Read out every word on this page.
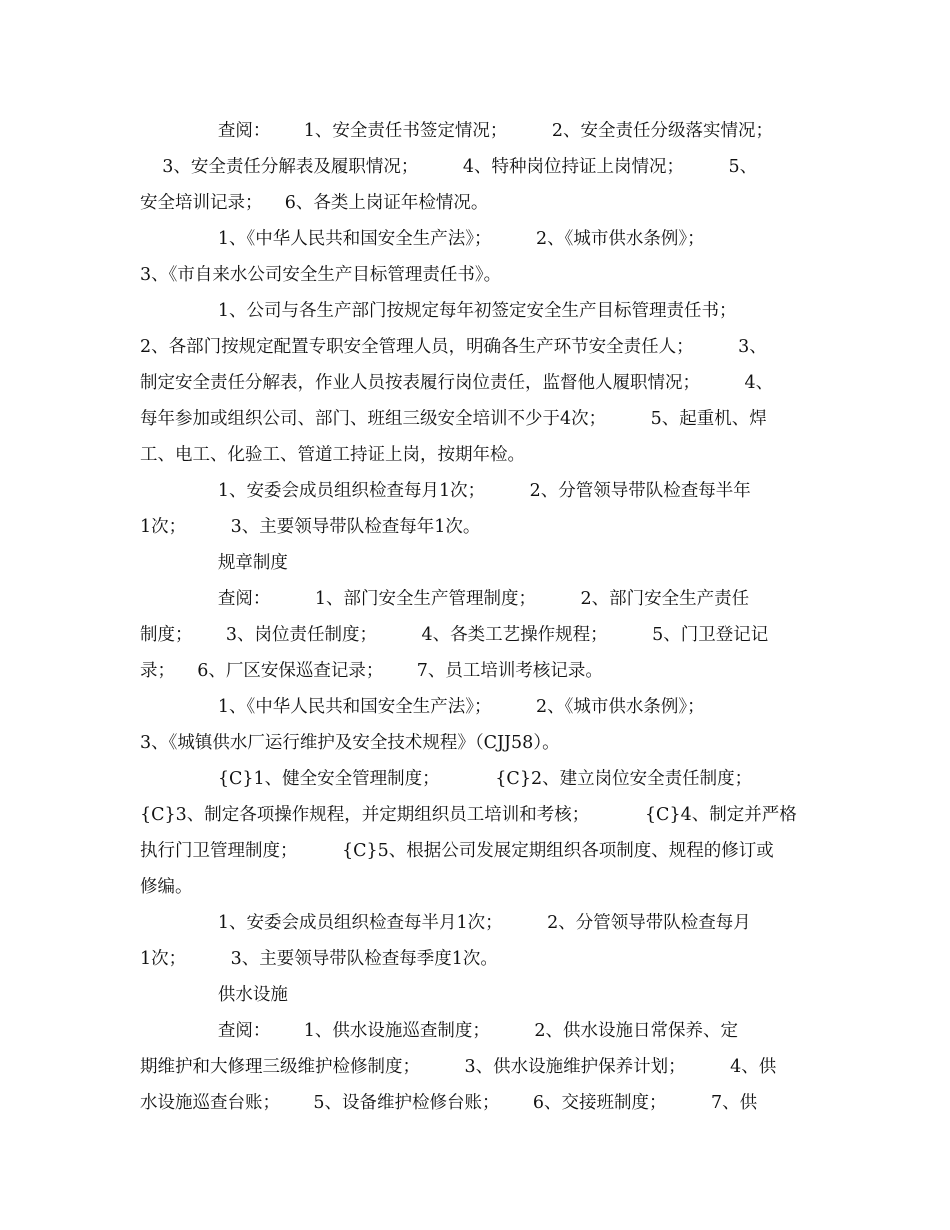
查阅：      1、安全责任书签定情况；        2、安全责任分级落实情况；
3、安全责任分解表及履职情况；        4、特种岗位持证上岗情况；        5、
安全培训记录；    6、各类上岗证年检情况。
1、《中华人民共和国安全生产法》；        2、《城市供水条例》；
3、《市自来水公司安全生产目标管理责任书》。
1、公司与各生产部门按规定每年初签定安全生产目标管理责任书；
2、各部门按规定配置专职安全管理人员，明确各生产环节安全责任人；        3、
制定安全责任分解表，作业人员按表履行岗位责任，监督他人履职情况；        4、
每年参加或组织公司、部门、班组三级安全培训不少于4次；        5、起重机、焊
工、电工、化验工、管道工持证上岗，按期年检。
1、安委会成员组织检查每月1次；        2、分管领导带队检查每半年
1次；        3、主要领导带队检查每年1次。
规章制度
查阅：        1、部门安全生产管理制度；        2、部门安全生产责任
制度；      3、岗位责任制度；        4、各类工艺操作规程；        5、门卫登记记
录；    6、厂区安保巡查记录；      7、员工培训考核记录。
1、《中华人民共和国安全生产法》；        2、《城市供水条例》；
3、《城镇供水厂运行维护及安全技术规程》（CJJ58）。
{C}1、健全安全管理制度；          {C}2、建立岗位安全责任制度；
{C}3、制定各项操作规程，并定期组织员工培训和考核；          {C}4、制定并严格
执行门卫管理制度；        {C}5、根据公司发展定期组织各项制度、规程的修订或
修编。
1、安委会成员组织检查每半月1次；        2、分管领导带队检查每月
1次；        3、主要领导带队检查每季度1次。
供水设施
查阅：      1、供水设施巡查制度；        2、供水设施日常保养、定
期维护和大修理三级维护检修制度；        3、供水设施维护保养计划；        4、供
水设施巡查台账；      5、设备维护检修台账；      6、交接班制度；        7、供
